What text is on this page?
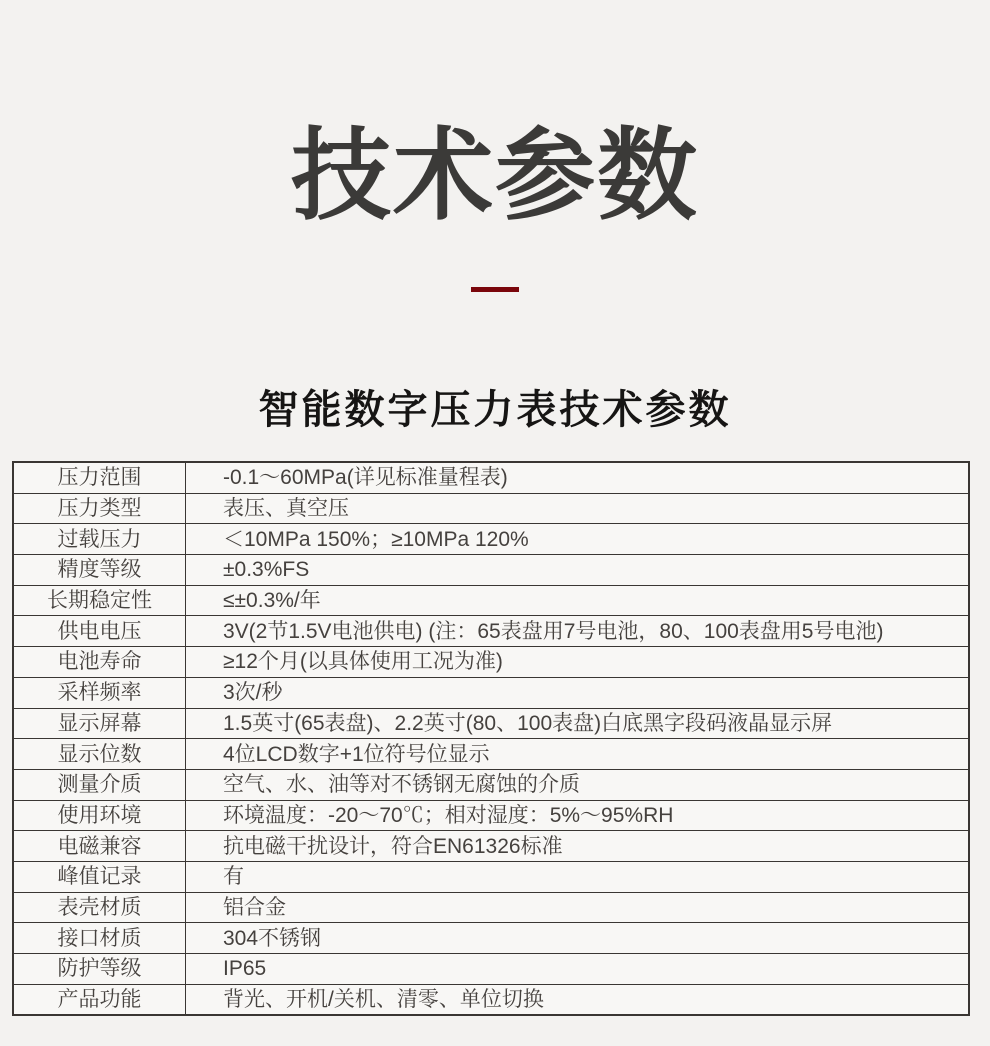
技术参数
智能数字压力表技术参数
压力范围	-0.1～60MPa(详见标准量程表)
压力类型	表压、真空压
过载压力	＜10MPa 150%；≥10MPa 120%
精度等级	±0.3%FS
长期稳定性	≤±0.3%/年
供电电压	3V(2节1.5V电池供电) (注：65表盘用7号电池，80、100表盘用5号电池)
电池寿命	≥12个月(以具体使用工况为准)
采样频率	3次/秒
显示屏幕	1.5英寸(65表盘)、2.2英寸(80、100表盘)白底黑字段码液晶显示屏
显示位数	4位LCD数字+1位符号位显示
测量介质	空气、水、油等对不锈钢无腐蚀的介质
使用环境	环境温度：-20～70℃；相对湿度：5%～95%RH
电磁兼容	抗电磁干扰设计，符合EN61326标准
峰值记录	有
表壳材质	铝合金
接口材质	304不锈钢
防护等级	IP65
产品功能	背光、开机/关机、清零、单位切换
